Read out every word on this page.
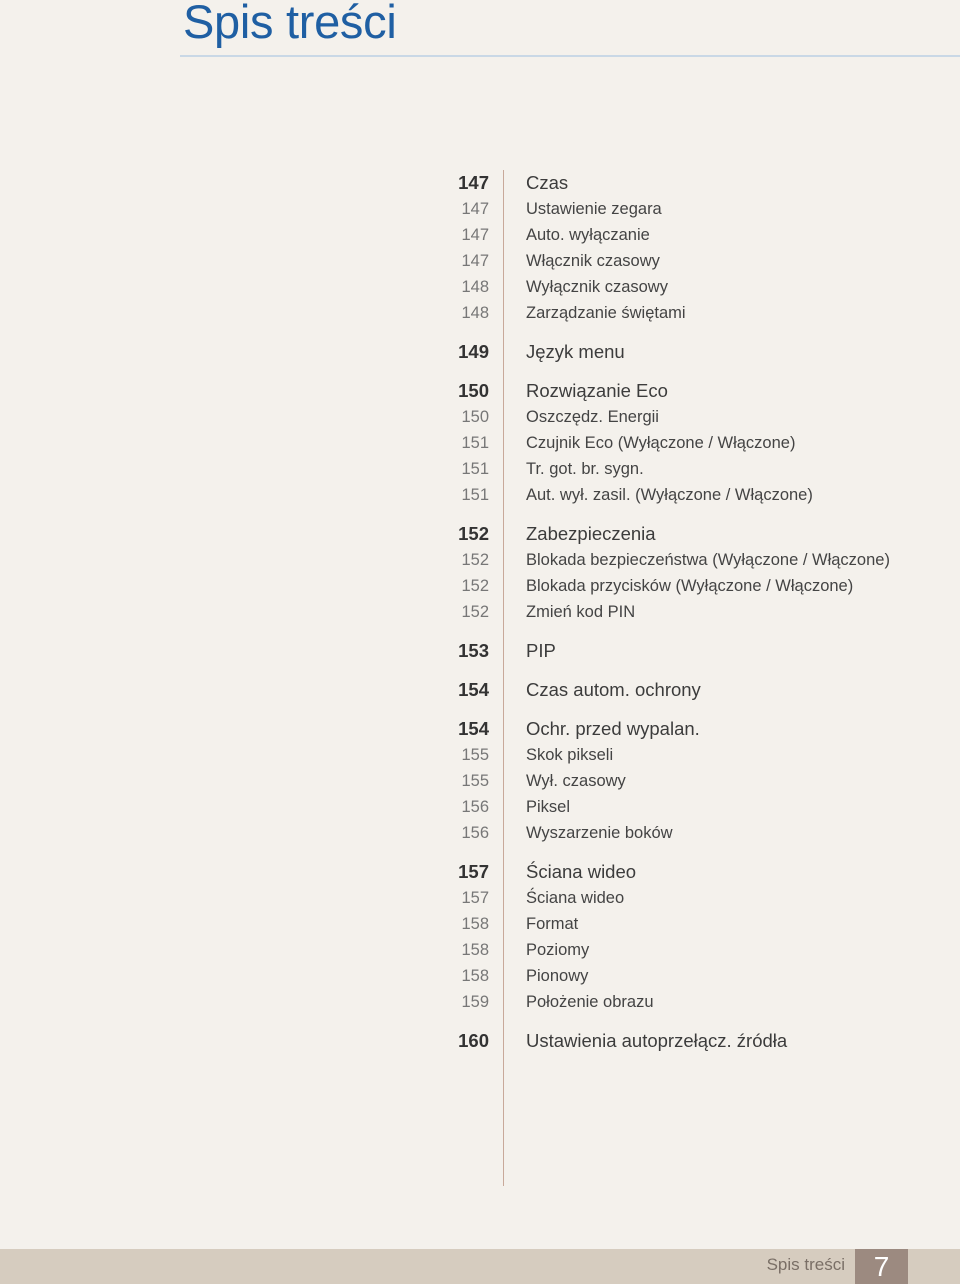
Spis treści
147 Czas
147 Ustawienie zegara
147 Auto. wyłączanie
147 Włącznik czasowy
148 Wyłącznik czasowy
148 Zarządzanie świętami
149 Język menu
150 Rozwiązanie Eco
150 Oszczędz. Energii
151 Czujnik Eco (Wyłączone / Włączone)
151 Tr. got. br. sygn.
151 Aut. wył. zasil. (Wyłączone / Włączone)
152 Zabezpieczenia
152 Blokada bezpieczeństwa (Wyłączone / Włączone)
152 Blokada przycisków (Wyłączone / Włączone)
152 Zmień kod PIN
153 PIP
154 Czas autom. ochrony
154 Ochr. przed wypalan.
155 Skok pikseli
155 Wył. czasowy
156 Piksel
156 Wyszarzenie boków
157 Ściana wideo
157 Ściana wideo
158 Format
158 Poziomy
158 Pionowy
159 Położenie obrazu
160 Ustawienia autoprzełącz. źródła
Spis treści	7
